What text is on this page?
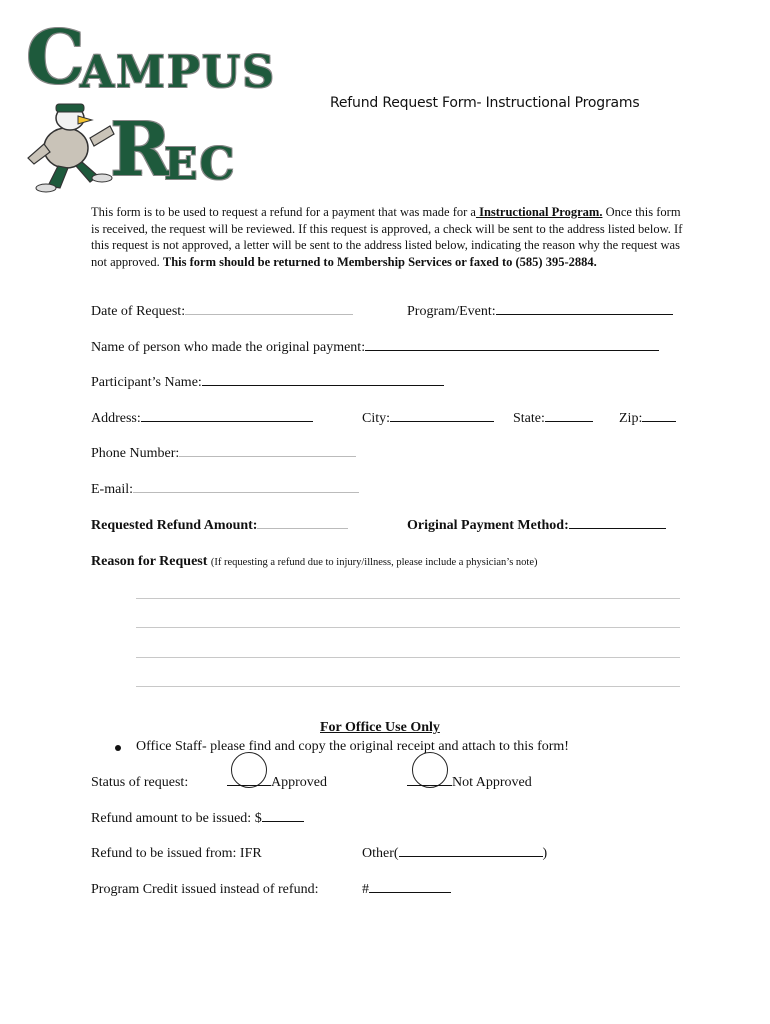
C
AMPUS
R
EC
Refund Request Form- Instructional Programs
This form is to be used to request a refund for a payment that was made for a Instructional Program. Once this form is received, the request will be reviewed. If this request is approved, a check will be sent to the address listed below. If this request is not approved, a letter will be sent to the address listed below, indicating the reason why the request was not approved. This form should be returned to Membership Services or faxed to (585) 395-2884.
Date of Request:	Program/Event:
Name of person who made the original payment:
Participant’s Name:
Address:	City:	State:	Zip:
Phone Number:
E-mail:
Requested Refund Amount:	Original Payment Method:
Reason for Request (If requesting a refund due to injury/illness, please include a physician’s note)
For Office Use Only
Office Staff- please find and copy the original receipt and attach to this form!
Status of request:	Approved	Not Approved
Refund amount to be issued: $
Refund to be issued from: IFR	Other(	)
Program Credit issued instead of refund:	#
